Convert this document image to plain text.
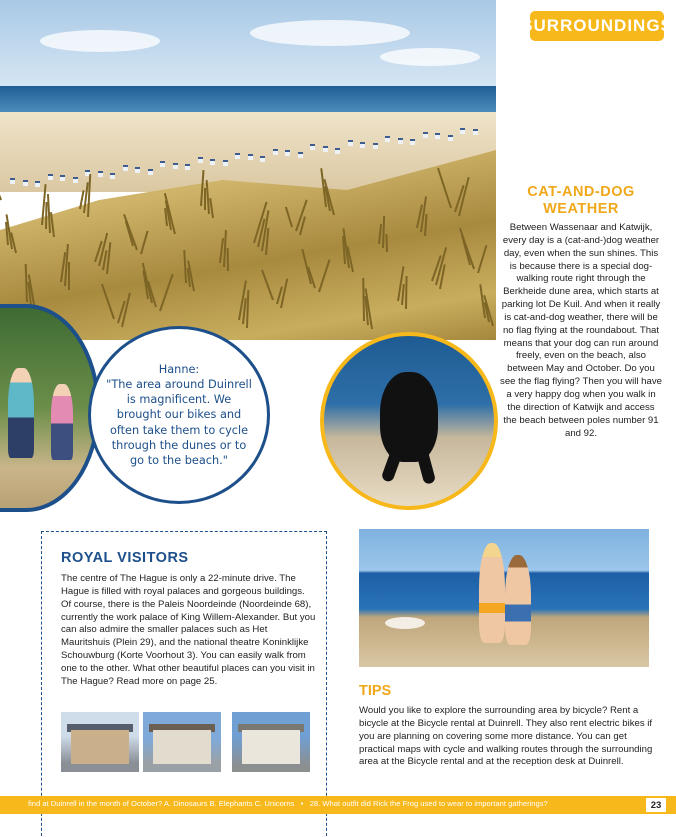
SURROUNDINGS
Hanne:
"The area around Duinrell is magnificent. We brought our bikes and often take them to cycle through the dunes or to go to the beach."
CAT-AND-DOG WEATHER
Between Wassenaar and Katwijk, every day is a (cat-and-)dog weather day, even when the sun shines. This is because there is a special dog-walking route right through the Berkheide dune area, which starts at parking lot De Kuil. And when it really is cat-and-dog weather, there will be no flag flying at the roundabout. That means that your dog can run around freely, even on the beach, also between May and October. Do you see the flag flying? Then you will have a very happy dog when you walk in the direction of Katwijk and access the beach between poles number 91 and 92.
ROYAL VISITORS
The centre of The Hague is only a 22-minute drive. The Hague is filled with royal palaces and gorgeous buildings. Of course, there is the Paleis Noordeinde (Noordeinde 68), currently the work palace of King Willem-Alexander. But you can also admire the smaller palaces such as Het Mauritshuis (Plein 29), and the national theatre Koninklijke Schouwburg (Korte Voorhout 3). You can easily walk from one to the other. What other beautiful places can you visit in The Hague? Read more on page 25.
TIPS
Would you like to explore the surrounding area by bicycle? Rent a bicycle at the Bicycle rental at Duinrell. They also rent electric bikes if you are planning on covering some more distance. You can get practical maps with cycle and walking routes through the surrounding area at the Bicycle rental and at the reception desk at Duinrell.
find at Duinrell in the month of October? A. Dinosaurs B. Elephants C. Unicorns • 28. What outfit did Rick the Frog used to wear to important gatherings?	23
